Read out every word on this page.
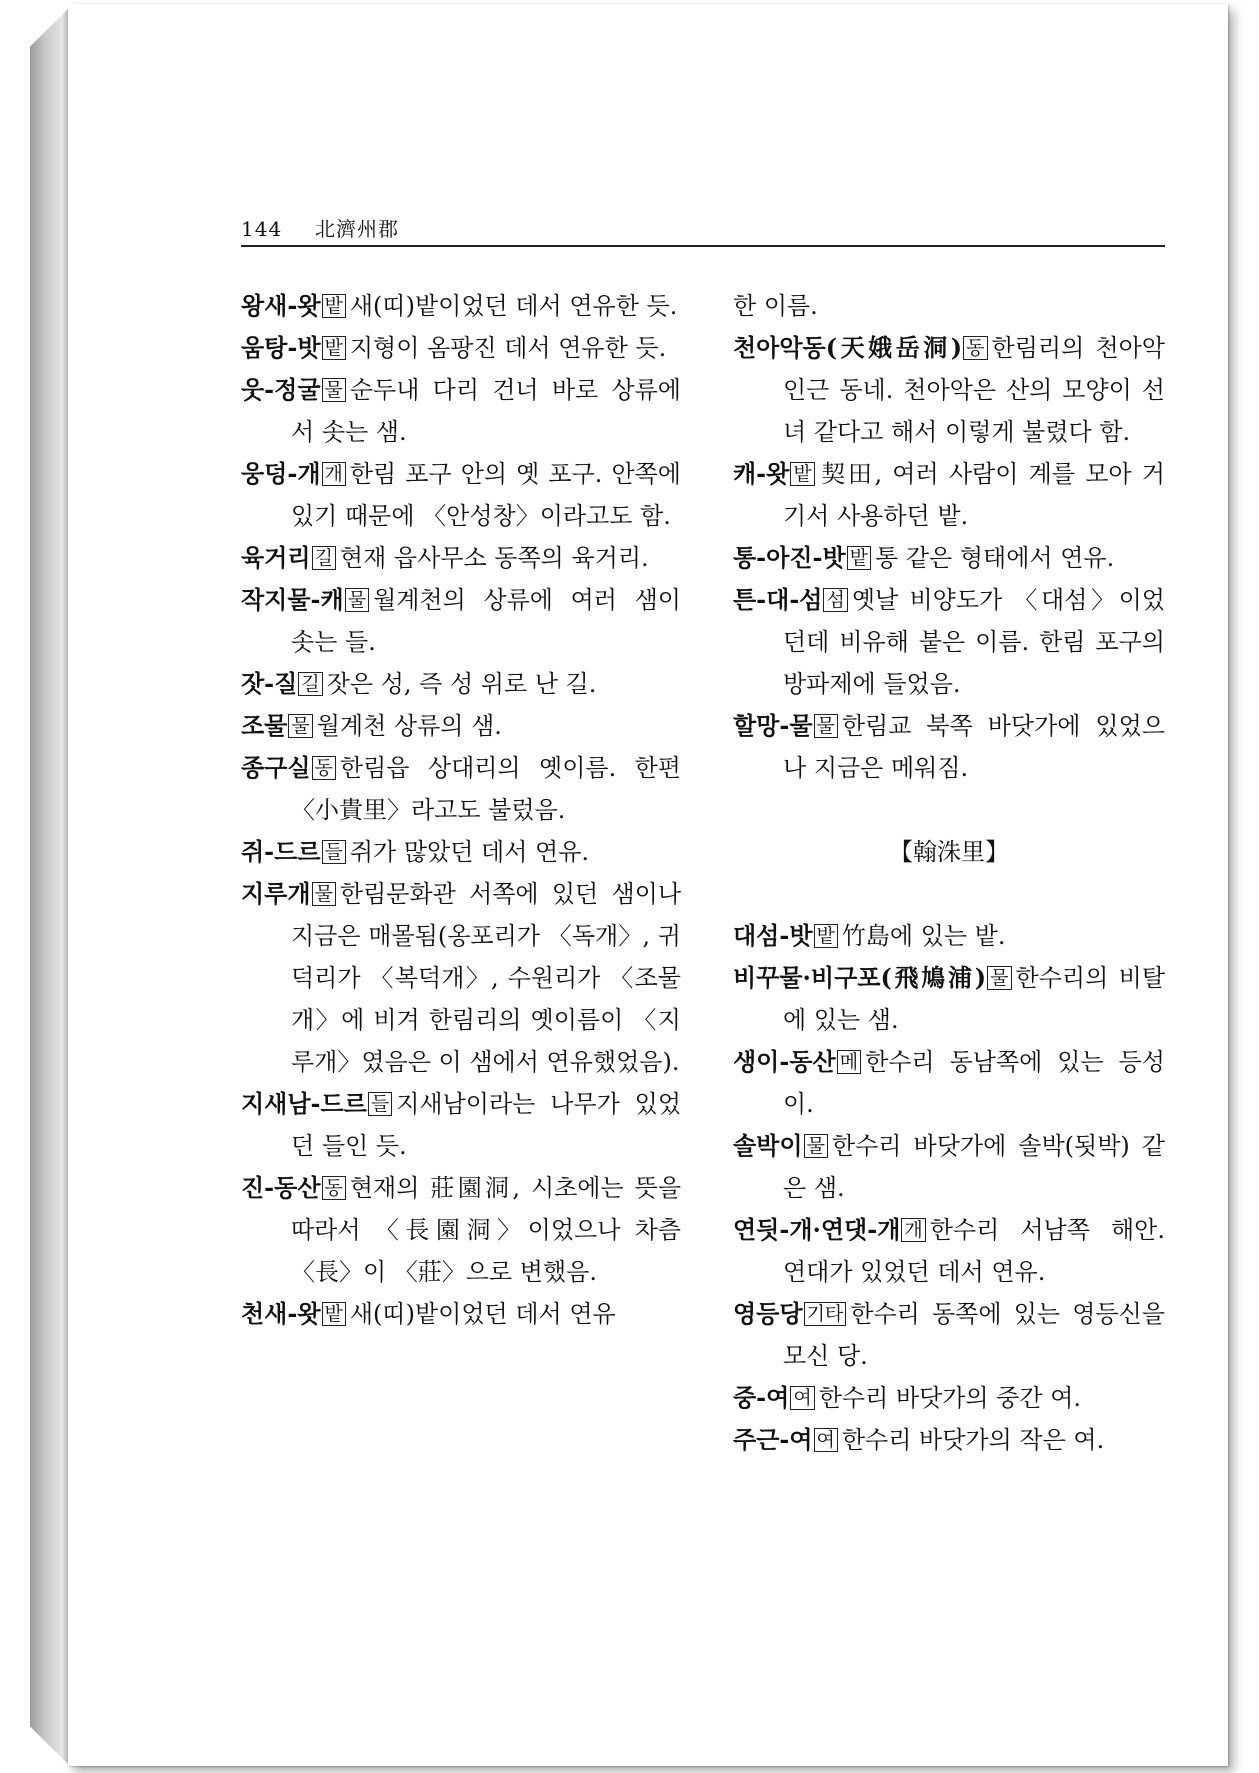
144 北濟州郡
왕새-왓 밭 새(띠)밭이었던 데서 연유한 듯.
움탕-밧 밭 지형이 옴팡진 데서 연유한 듯.
웃-정굴 물 순두내 다리 건너 바로 상류에서 솟는 샘.
웅덩-개 개 한림 포구 안의 옛 포구. 안쪽에 있기 때문에 〈안성창〉이라고도 함.
육거리 길 현재 읍사무소 동쪽의 육거리.
작지물-캐 물 월계천의 상류에 여러 샘이 솟는 들.
잣-질 길 잣은 성, 즉 성 위로 난 길.
조물 물 월계천 상류의 샘.
종구실 동 한림읍 상대리의 옛이름. 한편 〈小貴里〉라고도 불렀음.
쥐-드르 들 쥐가 많았던 데서 연유.
지루개 물 한림문화관 서쪽에 있던 샘이나 지금은 매몰됨(옹포리가 〈독개〉, 귀덕리가 〈복덕개〉, 수원리가 〈조물개〉에 비겨 한림리의 옛이름이 〈지루개〉였음은 이 샘에서 연유했었음).
지새남-드르 들 지새남이라는 나무가 있었던 들인 듯.
진-동산 동 현재의 莊園洞, 시초에는 뜻을 따라서 〈長園洞〉이었으나 차츰 〈長〉이 〈莊〉으로 변했음.
천새-왓 밭 새(띠)밭이었던 데서 연유
한 이름.
천아악동(天娥岳洞) 동 한림리의 천아악 인근 동네. 천아악은 산의 모양이 선녀 같다고 해서 이렇게 불렸다 함.
캐-왓 밭 契田, 여러 사람이 계를 모아 거기서 사용하던 밭.
통-아진-밧 밭 통 같은 형태에서 연유.
튼-대-섬 섬 옛날 비양도가 〈대섬〉이었던데 비유해 붙은 이름. 한림 포구의 방파제에 들었음.
할망-물 물 한림교 북쪽 바닷가에 있었으나 지금은 메워짐.
【翰洙里】
대섬-밧 밭 竹島에 있는 밭.
비꾸물·비구포(飛鳩浦) 물 한수리의 비탈에 있는 샘.
생이-동산 메 한수리 동남쪽에 있는 등성이.
솔박이 물 한수리 바닷가에 솔박(됫박) 같은 샘.
연딋-개·연댓-개 개 한수리 서남쪽 해안. 연대가 있었던 데서 연유.
영등당 기타 한수리 동쪽에 있는 영등신을 모신 당.
중-여 여 한수리 바닷가의 중간 여.
주근-여 여 한수리 바닷가의 작은 여.
